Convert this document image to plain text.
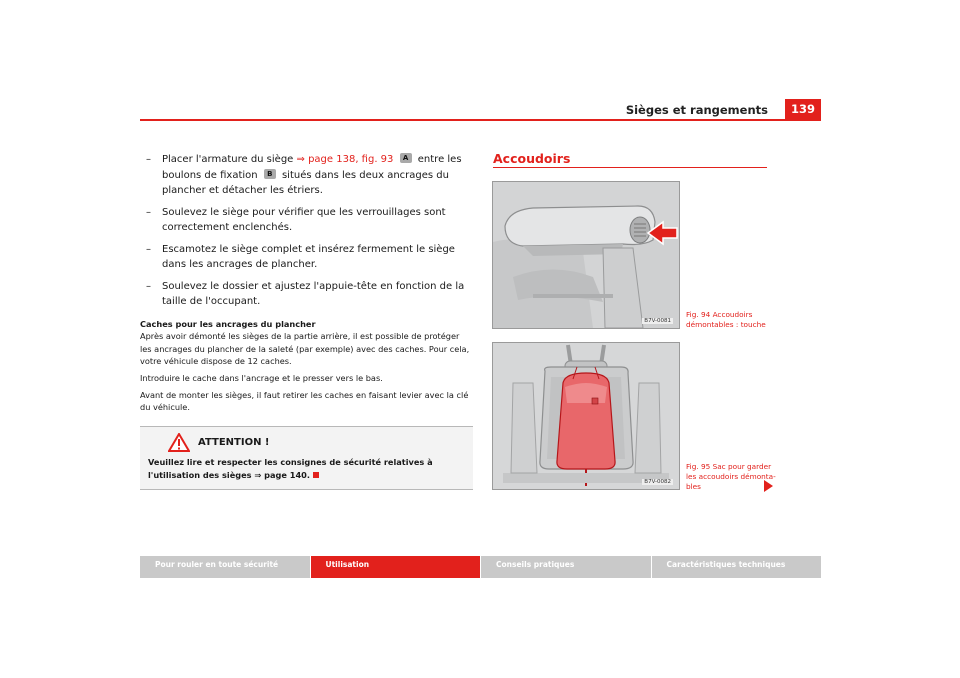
Sièges et rangements	139
– Placer l'armature du siège ⇒ page 138, fig. 93 A entre les boulons de fixation B situés dans les deux ancrages du plancher et détacher les étriers.
– Soulevez le siège pour vérifier que les verrouillages sont correctement enclenchés.
– Escamotez le siège complet et insérez fermement le siège dans les ancrages de plancher.
– Soulevez le dossier et ajustez l'appuie-tête en fonction de la taille de l'occupant.
Caches pour les ancrages du plancher

Après avoir démonté les sièges de la partie arrière, il est possible de protéger les ancrages du plancher de la saleté (par exemple) avec des caches. Pour cela, votre véhicule dispose de 12 caches.

Introduire le cache dans l'ancrage et le presser vers le bas.

Avant de monter les sièges, il faut retirer les caches en faisant levier avec la clé du véhicule.

ATTENTION !
Veuillez lire et respecter les consignes de sécurité relatives à l'utilisation des sièges ⇒ page 140.
Accoudoirs
B7V-0081
Fig. 94 Accoudoirs démontables : touche
B7V-0082
Fig. 95 Sac pour garder les accoudoirs démonta-bles
Pour rouler en toute sécurité	Utilisation	Conseils pratiques	Caractéristiques techniques
